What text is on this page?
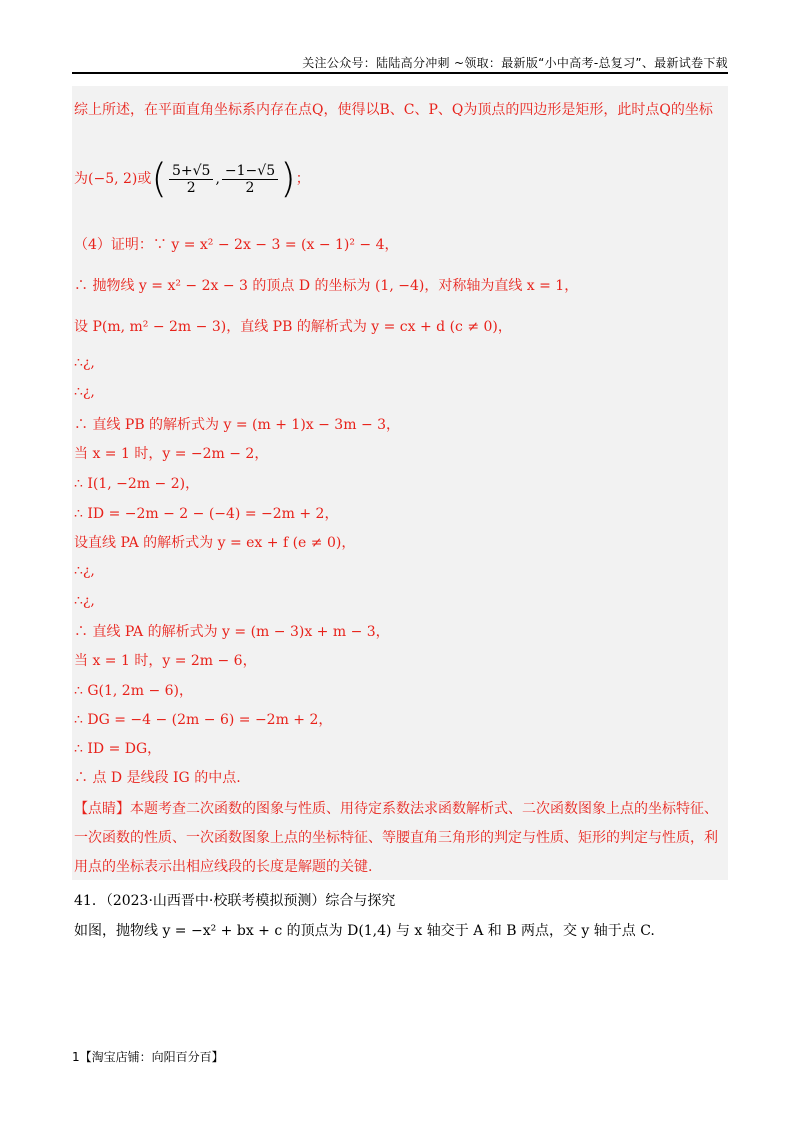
关注公众号：陆陆高分冲刺 ~领取：最新版“小中高考-总复习”、最新试卷下载
综上所述，在平面直角坐标系内存在点Q，使得以B、C、P、Q为顶点的四边形是矩形，此时点Q的坐标
为(−5, 2)或( $\frac{5+√5}{2}$ , $\frac{-1-√5}{2}$ )；
（4）证明：∵ y = x² − 2x − 3 = (x − 1)² − 4，
∴ 抛物线 y = x² − 2x − 3 的顶点 D 的坐标为 (1, −4)，对称轴为直线 x = 1，
设 P(m, m² − 2m − 3)，直线 PB 的解析式为 y = cx + d (c ≠ 0)，
∴¿,
∴¿,
∴ 直线 PB 的解析式为 y = (m + 1)x − 3m − 3，
当 x = 1 时，y = −2m − 2，
∴ I(1, −2m − 2)，
∴ ID = −2m − 2 − (−4) = −2m + 2，
设直线 PA 的解析式为 y = ex + f (e ≠ 0)，
∴¿,
∴¿,
∴ 直线 PA 的解析式为 y = (m − 3)x + m − 3，
当 x = 1 时，y = 2m − 6，
∴ G(1, 2m − 6)，
∴ DG = −4 − (2m − 6) = −2m + 2，
∴ ID = DG，
∴ 点 D 是线段 IG 的中点.
【点睛】本题考查二次函数的图象与性质、用待定系数法求函数解析式、二次函数图象上点的坐标特征、一次函数的性质、一次函数图象上点的坐标特征、等腰直角三角形的判定与性质、矩形的判定与性质，利用点的坐标表示出相应线段的长度是解题的关键.
41．（2023·山西晋中·校联考模拟预测）综合与探究
如图，抛物线 y = −x² + bx + c 的顶点为 D(1,4) 与 x 轴交于 A 和 B 两点，交 y 轴于点 C.
1【淘宝店铺：向阳百分百】
